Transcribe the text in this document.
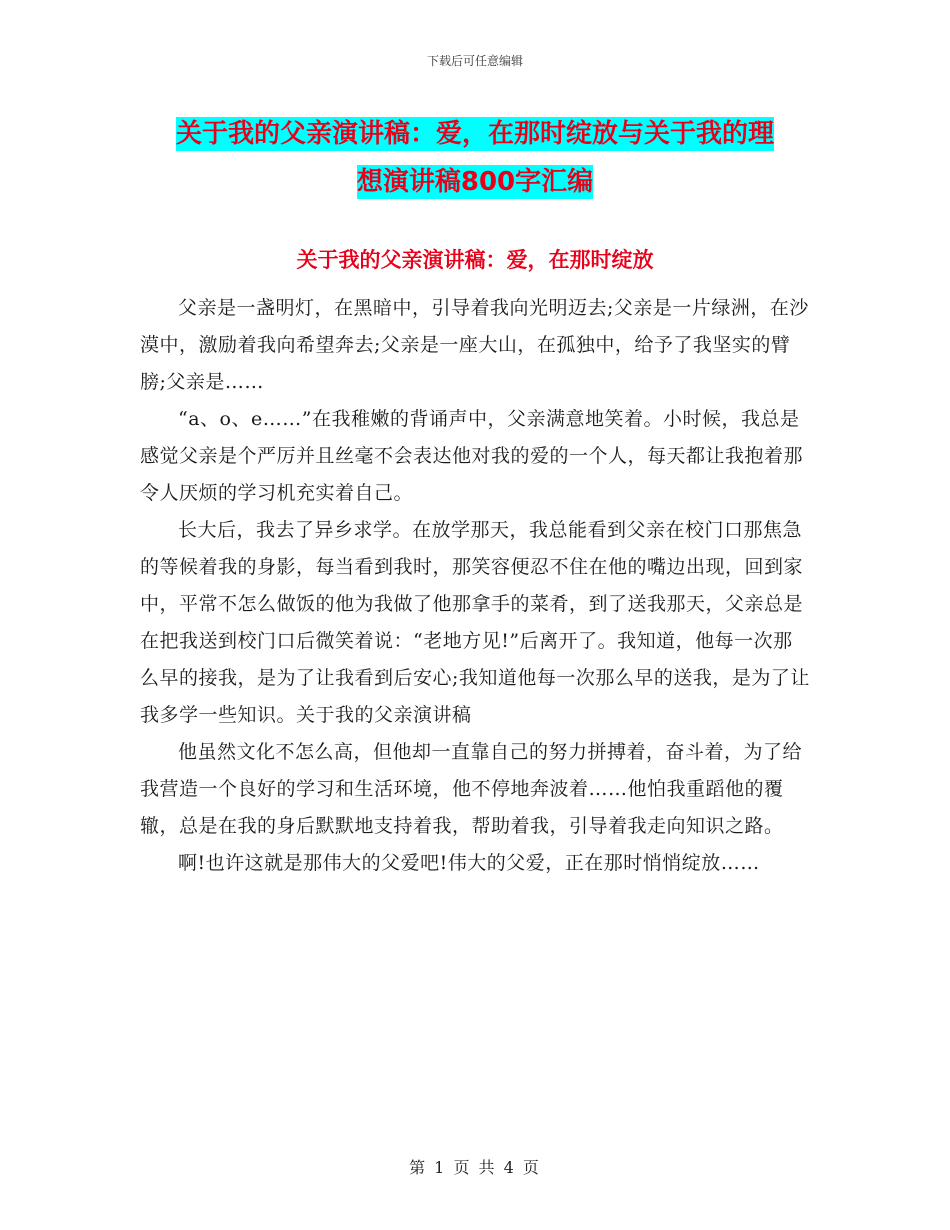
下载后可任意编辑
关于我的父亲演讲稿：爱，在那时绽放与关于我的理
想演讲稿800字汇编
关于我的父亲演讲稿：爱，在那时绽放

父亲是一盏明灯，在黑暗中，引导着我向光明迈去;父亲是一片绿洲，在沙漠中，激励着我向希望奔去;父亲是一座大山，在孤独中，给予了我坚实的臂膀;父亲是……

“a、o、e……”在我稚嫩的背诵声中，父亲满意地笑着。小时候，我总是感觉父亲是个严厉并且丝毫不会表达他对我的爱的一个人，每天都让我抱着那令人厌烦的学习机充实着自己。

长大后，我去了异乡求学。在放学那天，我总能看到父亲在校门口那焦急的等候着我的身影，每当看到我时，那笑容便忍不住在他的嘴边出现，回到家中，平常不怎么做饭的他为我做了他那拿手的菜肴，到了送我那天，父亲总是在把我送到校门口后微笑着说：“老地方见!”后离开了。我知道，他每一次那么早的接我，是为了让我看到后安心;我知道他每一次那么早的送我，是为了让我多学一些知识。关于我的父亲演讲稿

他虽然文化不怎么高，但他却一直靠自己的努力拼搏着，奋斗着，为了给我营造一个良好的学习和生活环境，他不停地奔波着……他怕我重蹈他的覆辙，总是在我的身后默默地支持着我，帮助着我，引导着我走向知识之路。

啊!也许这就是那伟大的父爱吧!伟大的父爱，正在那时悄悄绽放……

第 1 页 共 4 页
